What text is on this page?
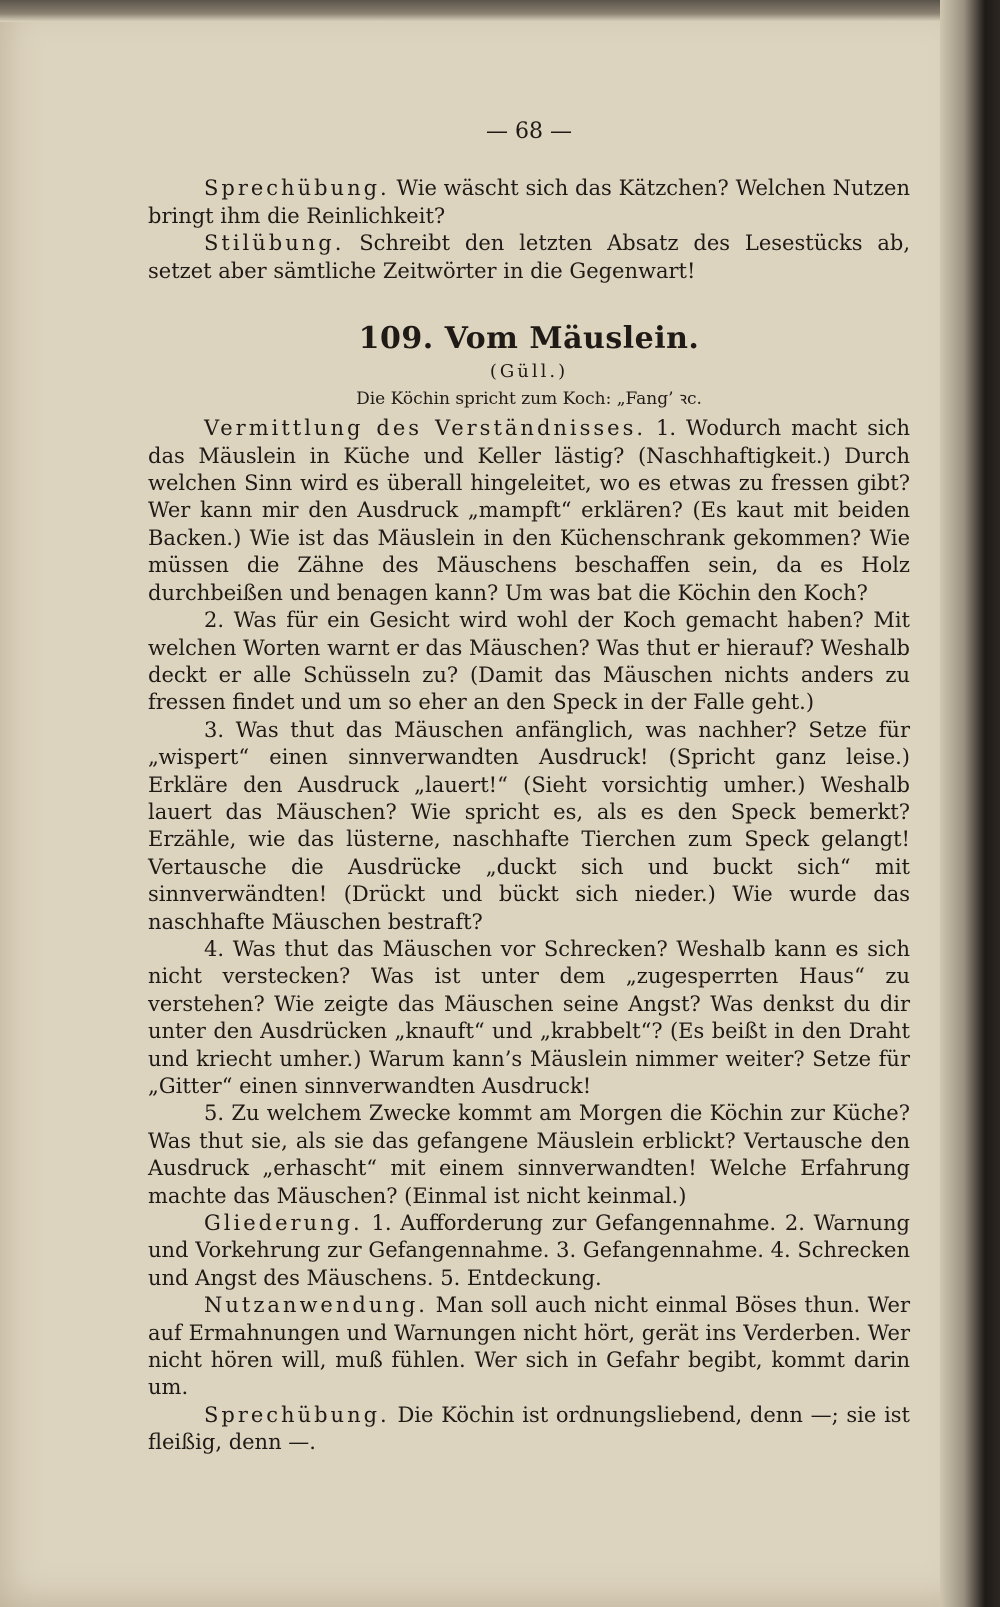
— 68 —

Sprechübung. Wie wäscht sich das Kätzchen? Welchen Nutzen bringt ihm die Reinlichkeit?

Stilübung. Schreibt den letzten Absatz des Lesestücks ab, setzet aber sämtliche Zeitwörter in die Gegenwart!

109. Vom Mäuslein.

(Güll.)

Die Köchin spricht zum Koch: „Fang’ ꝛc.

Vermittlung des Verständnisses. 1. Wodurch macht sich das Mäuslein in Küche und Keller lästig? (Naschhaftigkeit.) Durch welchen Sinn wird es überall hingeleitet, wo es etwas zu fressen gibt? Wer kann mir den Ausdruck „mampft“ erklären? (Es kaut mit beiden Backen.) Wie ist das Mäuslein in den Küchenschrank gekommen? Wie müssen die Zähne des Mäuschens beschaffen sein, da es Holz durchbeißen und benagen kann? Um was bat die Köchin den Koch?

2. Was für ein Gesicht wird wohl der Koch gemacht haben? Mit welchen Worten warnt er das Mäuschen? Was thut er hierauf? Weshalb deckt er alle Schüsseln zu? (Damit das Mäuschen nichts anders zu fressen findet und um so eher an den Speck in der Falle geht.)

3. Was thut das Mäuschen anfänglich, was nachher? Setze für „wispert“ einen sinnverwandten Ausdruck! (Spricht ganz leise.) Erkläre den Ausdruck „lauert!“ (Sieht vorsichtig umher.) Weshalb lauert das Mäuschen? Wie spricht es, als es den Speck bemerkt? Erzähle, wie das lüsterne, naschhafte Tierchen zum Speck gelangt! Vertausche die Ausdrücke „duckt sich und buckt sich“ mit sinnverwändten! (Drückt und bückt sich nieder.) Wie wurde das naschhafte Mäuschen bestraft?

4. Was thut das Mäuschen vor Schrecken? Weshalb kann es sich nicht verstecken? Was ist unter dem „zugesperrten Haus“ zu verstehen? Wie zeigte das Mäuschen seine Angst? Was denkst du dir unter den Ausdrücken „knauft“ und „krabbelt“? (Es beißt in den Draht und kriecht umher.) Warum kann’s Mäuslein nimmer weiter? Setze für „Gitter“ einen sinnverwandten Ausdruck!

5. Zu welchem Zwecke kommt am Morgen die Köchin zur Küche? Was thut sie, als sie das gefangene Mäuslein erblickt? Vertausche den Ausdruck „erhascht“ mit einem sinnverwandten! Welche Erfahrung machte das Mäuschen? (Einmal ist nicht keinmal.)

Gliederung. 1. Aufforderung zur Gefangennahme. 2. Warnung und Vorkehrung zur Gefangennahme. 3. Gefangennahme. 4. Schrecken und Angst des Mäuschens. 5. Entdeckung.

Nutzanwendung. Man soll auch nicht einmal Böses thun. Wer auf Ermahnungen und Warnungen nicht hört, gerät ins Verderben. Wer nicht hören will, muß fühlen. Wer sich in Gefahr begibt, kommt darin um.

Sprechübung. Die Köchin ist ordnungsliebend, denn —; sie ist fleißig, denn —.
